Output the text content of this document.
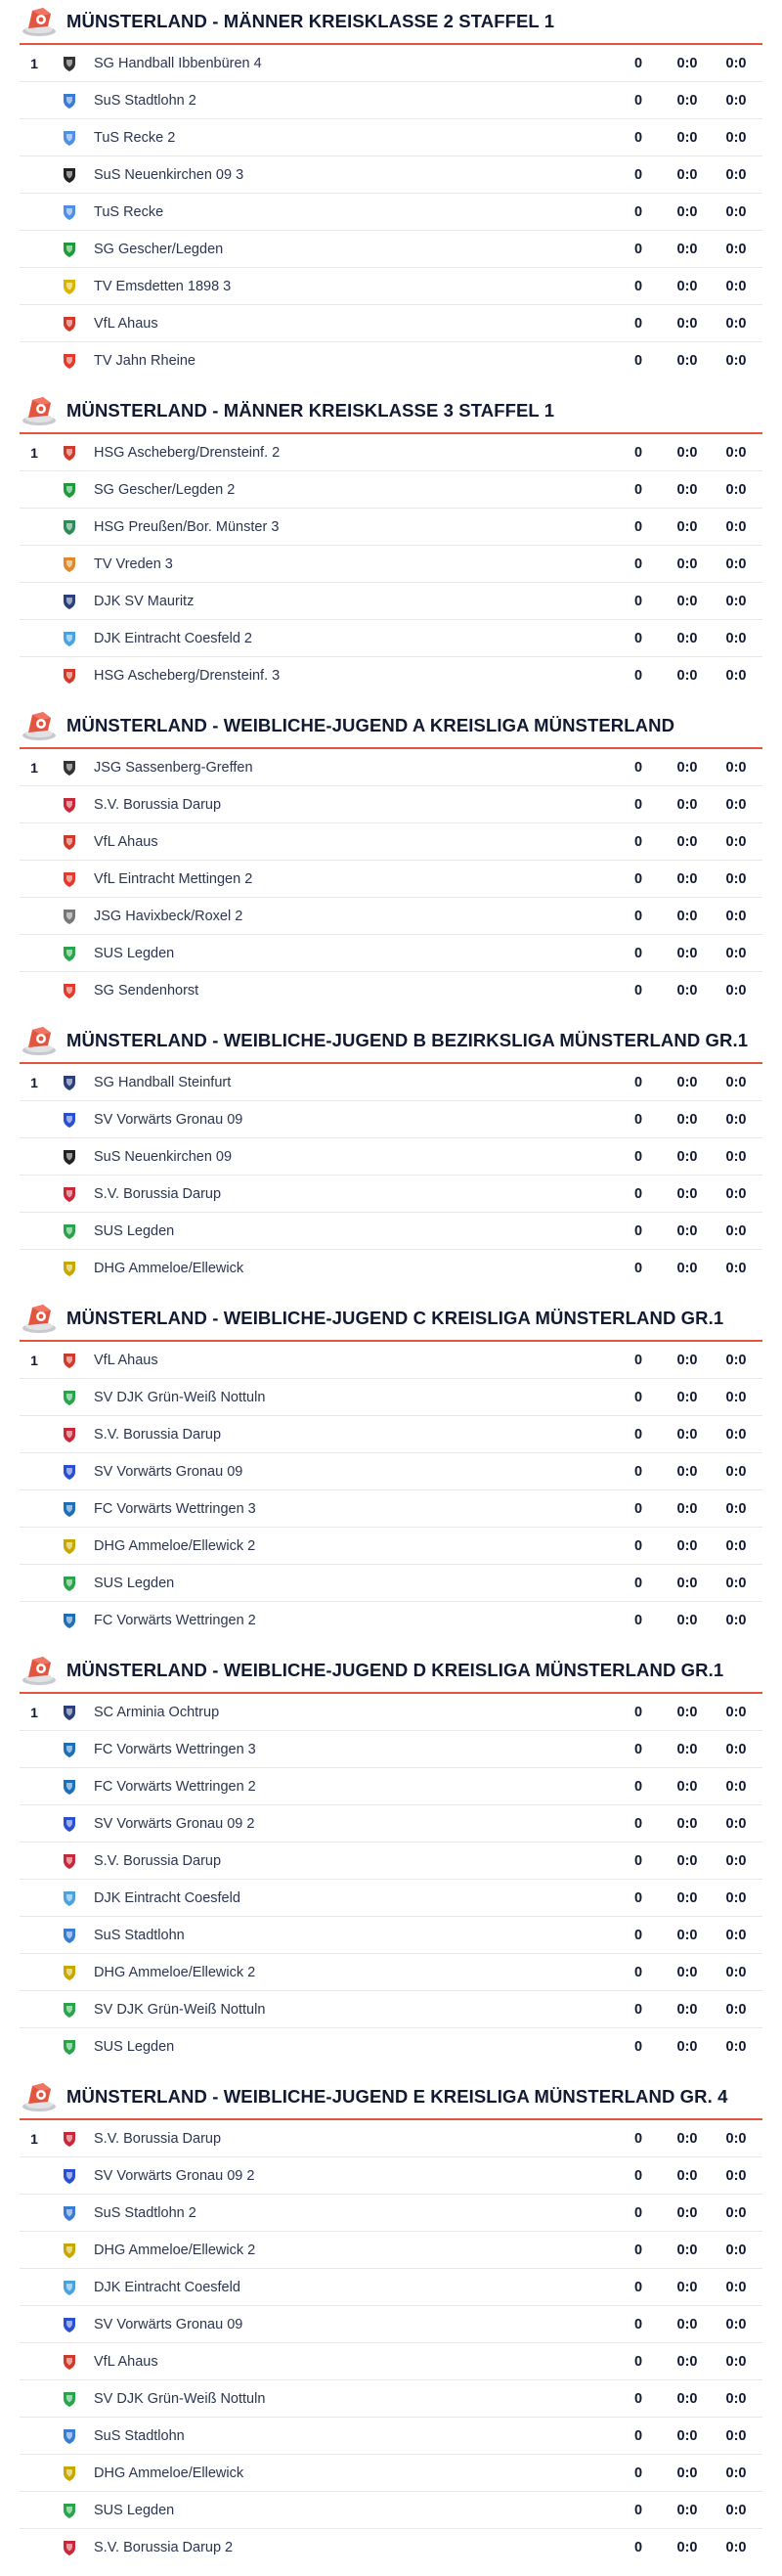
MÜNSTERLAND - MÄNNER KREISKLASSE 2 STAFFEL 1
1	SG Handball Ibbenbüren 4	0	0:0	0:0
SuS Stadtlohn 2	0	0:0	0:0
TuS Recke 2	0	0:0	0:0
SuS Neuenkirchen 09 3	0	0:0	0:0
TuS Recke	0	0:0	0:0
SG Gescher/Legden	0	0:0	0:0
TV Emsdetten 1898 3	0	0:0	0:0
VfL Ahaus	0	0:0	0:0
TV Jahn Rheine	0	0:0	0:0
MÜNSTERLAND - MÄNNER KREISKLASSE 3 STAFFEL 1
1	HSG Ascheberg/Drensteinf. 2	0	0:0	0:0
SG Gescher/Legden 2	0	0:0	0:0
HSG Preußen/Bor. Münster 3	0	0:0	0:0
TV Vreden 3	0	0:0	0:0
DJK SV Mauritz	0	0:0	0:0
DJK Eintracht Coesfeld 2	0	0:0	0:0
HSG Ascheberg/Drensteinf. 3	0	0:0	0:0
MÜNSTERLAND - WEIBLICHE-JUGEND A KREISLIGA MÜNSTERLAND
1	JSG Sassenberg-Greffen	0	0:0	0:0
S.V. Borussia Darup	0	0:0	0:0
VfL Ahaus	0	0:0	0:0
VfL Eintracht Mettingen 2	0	0:0	0:0
JSG Havixbeck/Roxel 2	0	0:0	0:0
SUS Legden	0	0:0	0:0
SG Sendenhorst	0	0:0	0:0
MÜNSTERLAND - WEIBLICHE-JUGEND B BEZIRKSLIGA MÜNSTERLAND GR.1
1	SG Handball Steinfurt	0	0:0	0:0
SV Vorwärts Gronau 09	0	0:0	0:0
SuS Neuenkirchen 09	0	0:0	0:0
S.V. Borussia Darup	0	0:0	0:0
SUS Legden	0	0:0	0:0
DHG Ammeloe/Ellewick	0	0:0	0:0
MÜNSTERLAND - WEIBLICHE-JUGEND C KREISLIGA MÜNSTERLAND GR.1
1	VfL Ahaus	0	0:0	0:0
SV DJK Grün-Weiß Nottuln	0	0:0	0:0
S.V. Borussia Darup	0	0:0	0:0
SV Vorwärts Gronau 09	0	0:0	0:0
FC Vorwärts Wettringen 3	0	0:0	0:0
DHG Ammeloe/Ellewick 2	0	0:0	0:0
SUS Legden	0	0:0	0:0
FC Vorwärts Wettringen 2	0	0:0	0:0
MÜNSTERLAND - WEIBLICHE-JUGEND D KREISLIGA MÜNSTERLAND GR.1
1	SC Arminia Ochtrup	0	0:0	0:0
FC Vorwärts Wettringen 3	0	0:0	0:0
FC Vorwärts Wettringen 2	0	0:0	0:0
SV Vorwärts Gronau 09 2	0	0:0	0:0
S.V. Borussia Darup	0	0:0	0:0
DJK Eintracht Coesfeld	0	0:0	0:0
SuS Stadtlohn	0	0:0	0:0
DHG Ammeloe/Ellewick 2	0	0:0	0:0
SV DJK Grün-Weiß Nottuln	0	0:0	0:0
SUS Legden	0	0:0	0:0
MÜNSTERLAND - WEIBLICHE-JUGEND E KREISLIGA MÜNSTERLAND GR. 4
1	S.V. Borussia Darup	0	0:0	0:0
SV Vorwärts Gronau 09 2	0	0:0	0:0
SuS Stadtlohn 2	0	0:0	0:0
DHG Ammeloe/Ellewick 2	0	0:0	0:0
DJK Eintracht Coesfeld	0	0:0	0:0
SV Vorwärts Gronau 09	0	0:0	0:0
VfL Ahaus	0	0:0	0:0
SV DJK Grün-Weiß Nottuln	0	0:0	0:0
SuS Stadtlohn	0	0:0	0:0
DHG Ammeloe/Ellewick	0	0:0	0:0
SUS Legden	0	0:0	0:0
S.V. Borussia Darup 2	0	0:0	0:0
